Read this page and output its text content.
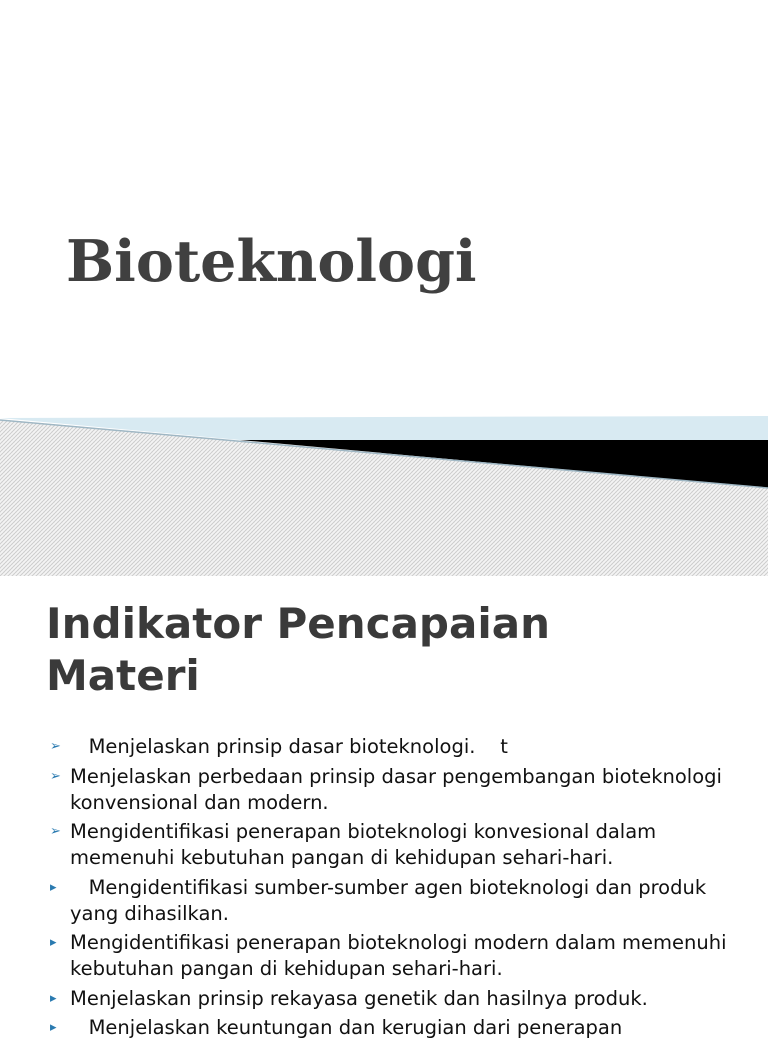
Bioteknologi
Indikator Pencapaian
Materi
➢ Menjelaskan prinsip dasar bioteknologi.    t
➢ Menjelaskan perbedaan prinsip dasar pengembangan bioteknologi konvensional dan modern.
➢ Mengidentifikasi penerapan bioteknologi konvesional dalam memenuhi kebutuhan pangan di kehidupan sehari-hari.
▸ Mengidentifikasi sumber-sumber agen bioteknologi dan produk yang dihasilkan.
▸ Mengidentifikasi penerapan bioteknologi modern dalam memenuhi kebutuhan pangan di kehidupan sehari-hari.
▸ Menjelaskan prinsip rekayasa genetik dan hasilnya produk.
▸ Menjelaskan keuntungan dan kerugian dari penerapan
